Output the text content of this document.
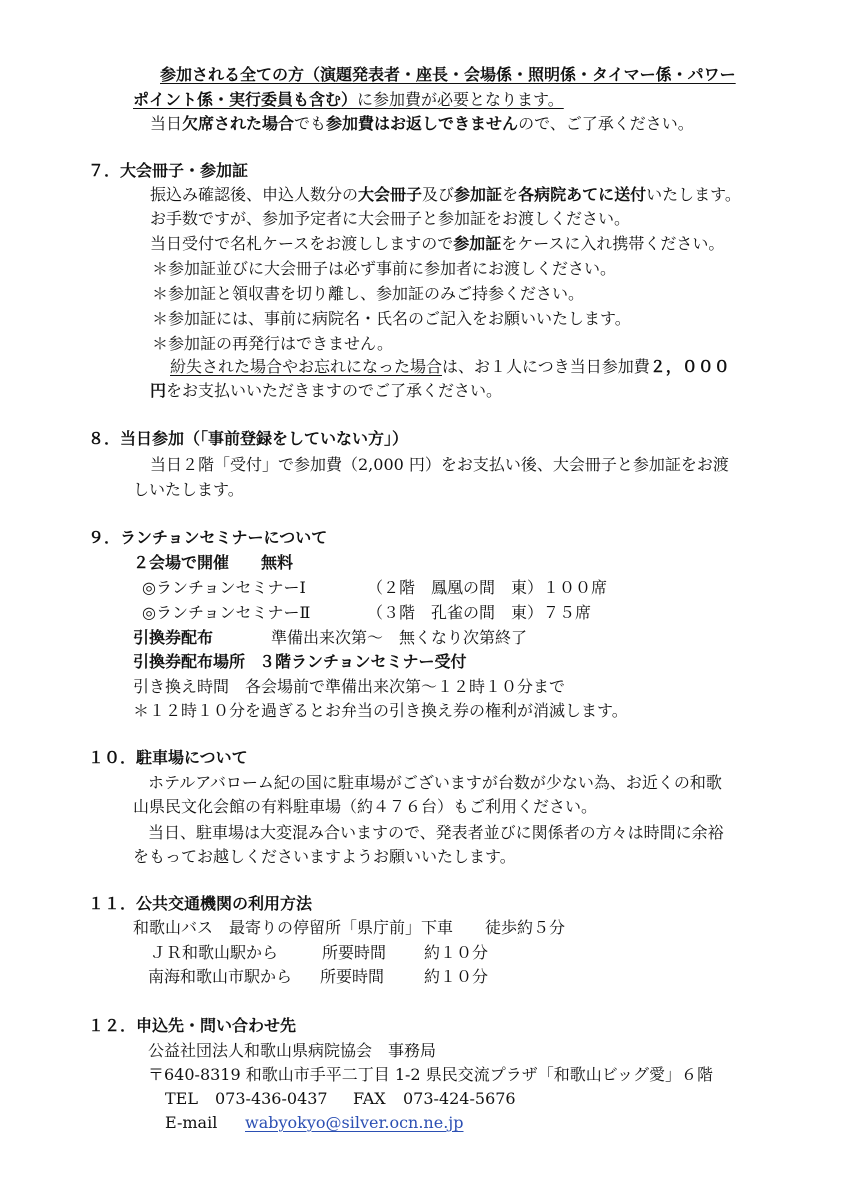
参加される全ての方（演題発表者・座長・会場係・照明係・タイマー係・パワー
ポイント係・実行委員も含む）に参加費が必要となります。
当日欠席された場合でも参加費はお返しできませんので、ご了承ください。
７．大会冊子・参加証
振込み確認後、申込人数分の大会冊子及び参加証を各病院あてに送付いたします。
お手数ですが、参加予定者に大会冊子と参加証をお渡しください。
当日受付で名札ケースをお渡ししますので参加証をケースに入れ携帯ください。
＊参加証並びに大会冊子は必ず事前に参加者にお渡しください。
＊参加証と領収書を切り離し、参加証のみご持参ください。
＊参加証には、事前に病院名・氏名のご記入をお願いいたします。
＊参加証の再発行はできません。
紛失された場合やお忘れになった場合は、お１人につき当日参加費２，０００
円をお支払いいただきますのでご了承ください。
８．当日参加（「事前登録をしていない方」）
当日２階「受付」で参加費（2,000 円）をお支払い後、大会冊子と参加証をお渡
しいたします。
９．ランチョンセミナーについて
２会場で開催　　無料
◎ランチョンセミナーⅠ	（２階　鳳凰の間　東）１００席
◎ランチョンセミナーⅡ	（３階　孔雀の間　東）７５席
引換券配布	準備出来次第～　無くなり次第終了
引換券配布場所 ３階ランチョンセミナー受付
引き換え時間　各会場前で準備出来次第～１２時１０分まで
＊１２時１０分を過ぎるとお弁当の引き換え券の権利が消滅します。
１０．駐車場について
ホテルアバローム紀の国に駐車場がございますが台数が少ない為、お近くの和歌
山県民文化会館の有料駐車場（約４７６台）もご利用ください。
当日、駐車場は大変混み合いますので、発表者並びに関係者の方々は時間に余裕
をもってお越しくださいますようお願いいたします。
１１．公共交通機関の利用方法
和歌山バス　最寄りの停留所「県庁前」下車　　徒歩約５分
ＪＲ和歌山駅から	所要時間 約１０分
南海和歌山市駅から 所要時間 約１０分
１２．申込先・問い合わせ先
公益社団法人和歌山県病院協会　事務局
〒640-8319 和歌山市手平二丁目 1-2 県民交流プラザ「和歌山ビッグ愛」６階
TEL 073-436-0437 FAX 073-424-5676
E-mail wabyokyo@silver.ocn.ne.jp
